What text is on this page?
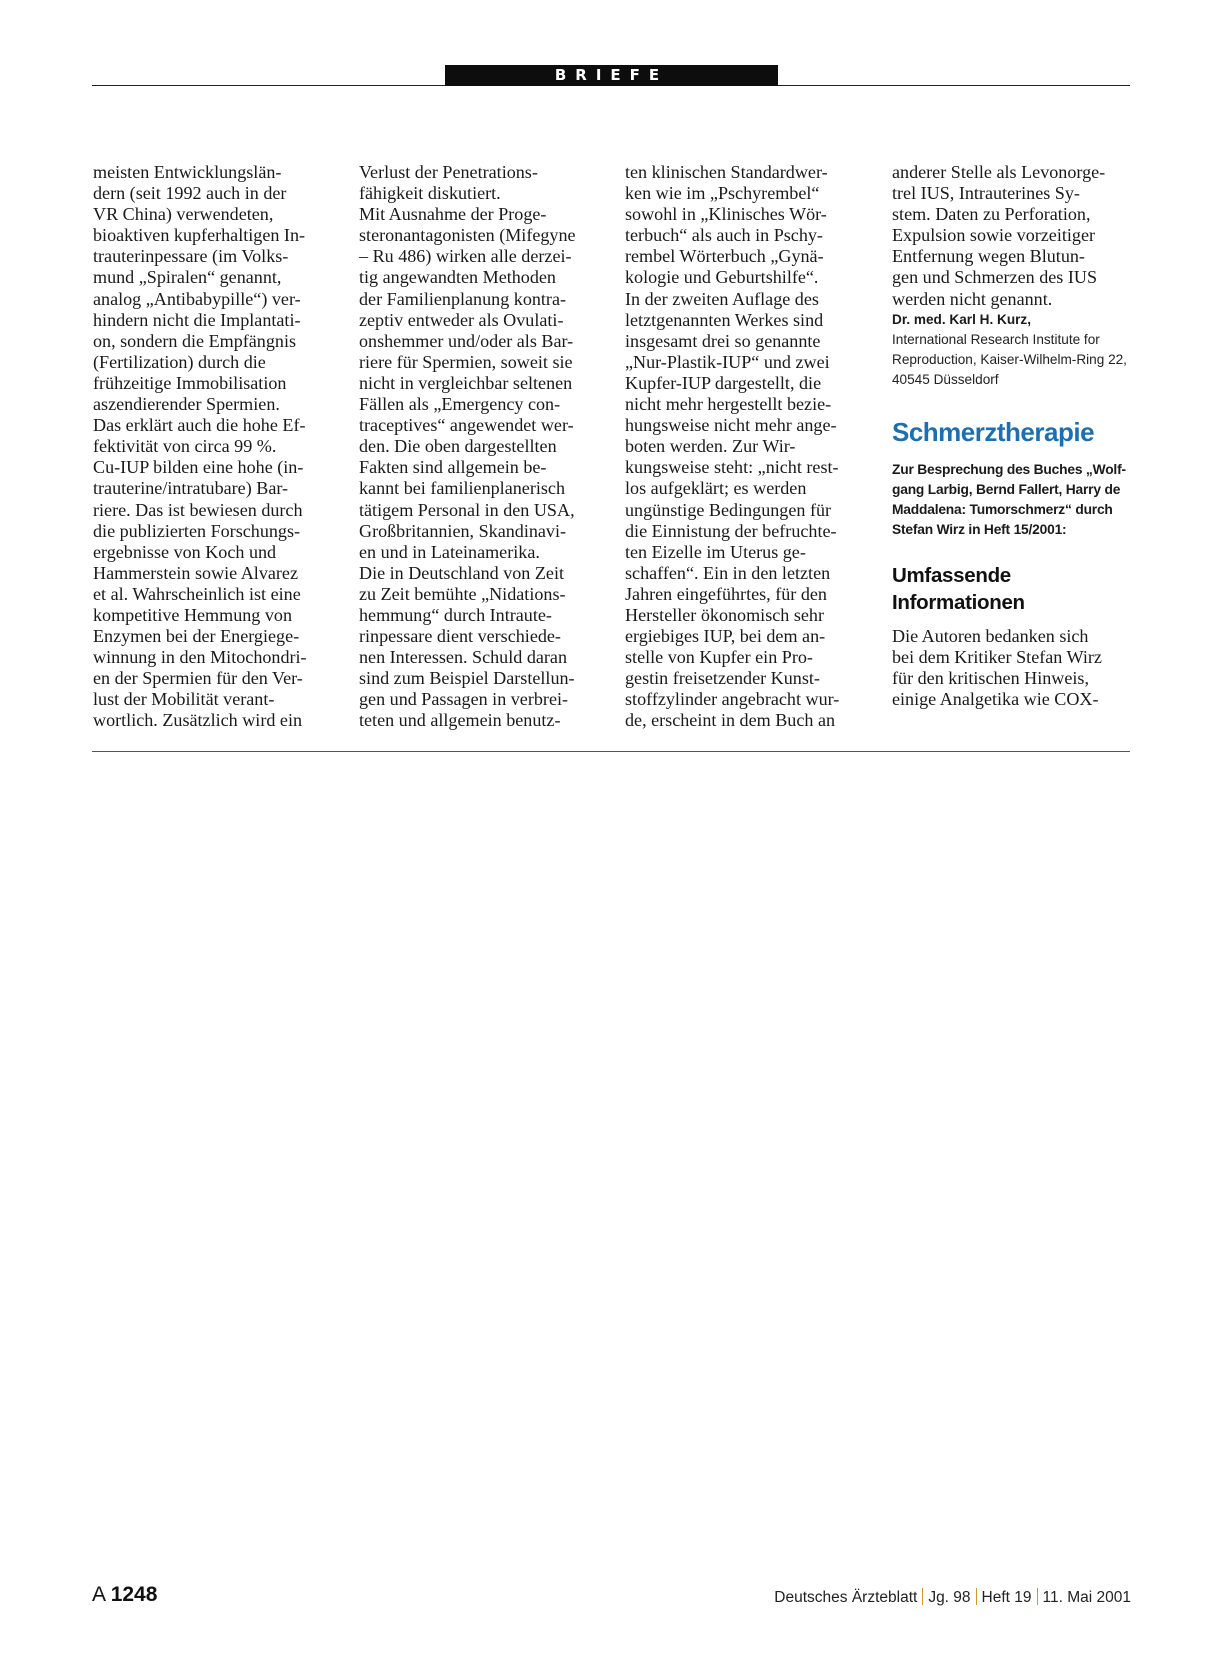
BRIEFE
meisten Entwicklungslän-
dern (seit 1992 auch in der
VR China) verwendeten,
bioaktiven kupferhaltigen In-
trauterinpessare (im Volks-
mund „Spiralen“ genannt,
analog „Antibabypille“) ver-
hindern nicht die Implantati-
on, sondern die Empfängnis
(Fertilization) durch die
frühzeitige Immobilisation
aszendierender Spermien.
Das erklärt auch die hohe Ef-
fektivität von circa 99 %.
Cu-IUP bilden eine hohe (in-
trauterine/intratubare) Bar-
riere. Das ist bewiesen durch
die publizierten Forschungs-
ergebnisse von Koch und
Hammerstein sowie Alvarez
et al. Wahrscheinlich ist eine
kompetitive Hemmung von
Enzymen bei der Energiege-
winnung in den Mitochondri-
en der Spermien für den Ver-
lust der Mobilität verant-
wortlich. Zusätzlich wird ein
Verlust der Penetrations-
fähigkeit diskutiert.
Mit Ausnahme der Proge-
steronantagonisten (Mifegyne
– Ru 486) wirken alle derzei-
tig angewandten Methoden
der Familienplanung kontra-
zeptiv entweder als Ovulati-
onshemmer und/oder als Bar-
riere für Spermien, soweit sie
nicht in vergleichbar seltenen
Fällen als „Emergency con-
traceptives“ angewendet wer-
den. Die oben dargestellten
Fakten sind allgemein be-
kannt bei familienplanerisch
tätigem Personal in den USA,
Großbritannien, Skandinavi-
en und in Lateinamerika.
Die in Deutschland von Zeit
zu Zeit bemühte „Nidations-
hemmung“ durch Intraute-
rinpessare dient verschiede-
nen Interessen. Schuld daran
sind zum Beispiel Darstellun-
gen und Passagen in verbrei-
teten und allgemein benutz-
ten klinischen Standardwer-
ken wie im „Pschyrembel“
sowohl in „Klinisches Wör-
terbuch“ als auch in Pschy-
rembel Wörterbuch „Gynä-
kologie und Geburtshilfe“.
In der zweiten Auflage des
letztgenannten Werkes sind
insgesamt drei so genannte
„Nur-Plastik-IUP“ und zwei
Kupfer-IUP dargestellt, die
nicht mehr hergestellt bezie-
hungsweise nicht mehr ange-
boten werden. Zur Wir-
kungsweise steht: „nicht rest-
los aufgeklärt; es werden
ungünstige Bedingungen für
die Einnistung der befruchte-
ten Eizelle im Uterus ge-
schaffen“. Ein in den letzten
Jahren eingeführtes, für den
Hersteller ökonomisch sehr
ergiebiges IUP, bei dem an-
stelle von Kupfer ein Pro-
gestin freisetzender Kunst-
stoffzylinder angebracht wur-
de, erscheint in dem Buch an
anderer Stelle als Levonorge-
trel IUS, Intrauterines Sy-
stem. Daten zu Perforation,
Expulsion sowie vorzeitiger
Entfernung wegen Blutun-
gen und Schmerzen des IUS
werden nicht genannt.
Dr. med. Karl H. Kurz,
International Research Institute for
Reproduction, Kaiser-Wilhelm-Ring 22,
40545 Düsseldorf
Schmerztherapie
Zur Besprechung des Buches „Wolf-
gang Larbig, Bernd Fallert, Harry de
Maddalena: Tumorschmerz“ durch
Stefan Wirz in Heft 15/2001:
Umfassende
Informationen
Die Autoren bedanken sich
bei dem Kritiker Stefan Wirz
für den kritischen Hinweis,
einige Analgetika wie COX-
A 1248	Deutsches Ärzteblatt Jg. 98 Heft 19 11. Mai 2001
